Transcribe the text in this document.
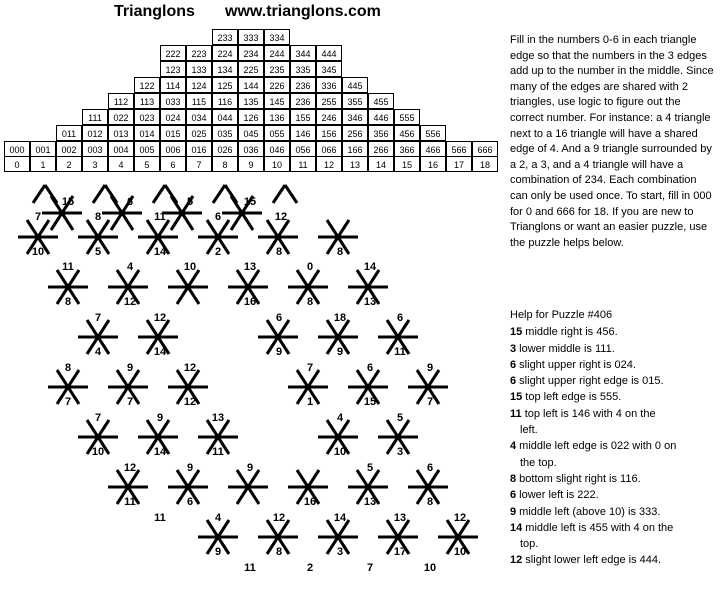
Trianglons www.trianglons.com
233	333	334
222	223	224	234	244	344	444
123	133	134	225	235	335	345
122	114	124	125	144	226	236	336	445
112	113	033	115	116	135	145	236	255	355	455
111	022	023	024	034	044	126	136	155	246	346	446	555
011	012	013	014	015	025	035	045	055	146	156	256	356	456	556
000	001	002	003	004	005	006	016	026	036	046	056	066	166	266	366	466	566	666
0	1	2	3	4	5	6	7	8	9	10	11	12	13	14	15	16	17	18
Fill in the numbers 0-6 in each triangle edge so that the numbers in the 3 edges add up to the number in the middle. Since many of the edges are shared with 2 triangles, use logic to figure out the correct number. For instance: a 4 triangle next to a 16 triangle will have a shared edge of 4. And a 9 triangle surrounded by a 2, a 3, and a 4 triangle will have a combination of 234. Each combination can only be used once. To start, fill in 000 for 0 and 666 for 18. If you are new to Trianglons or want an easier puzzle, use the puzzle helps below.
Help for Puzzle #406
15 middle right is 456.
3 lower middle is 111.
6 slight upper right is 024.
6 slight upper right edge is 015.
15 top left edge is 555.
11 top left is 146 with 4 on the
left.
4 middle left edge is 022 with 0 on
the top.
8 bottom slight right is 116.
6 lower left is 222.
9 middle left (above 10) is 333.
14 middle left is 455 with 4 on the
top.
12 slight lower left edge is 444.
15	6	5	15
7	8	11	6	12
10	5	14	2	8	8
11	4	10	13	0	14
8	12	16	8	13
7	12	6	18	6
4	14	9	9	11
8	9	12	7	6	9
7	7	12	1	15	7
7	9	13	4	5
10	14	11	10	3
12	9	9	5	6
11	6	16	13	8
11	4	12	14	13	12
9	8	3	17	10
11	2	7	10
